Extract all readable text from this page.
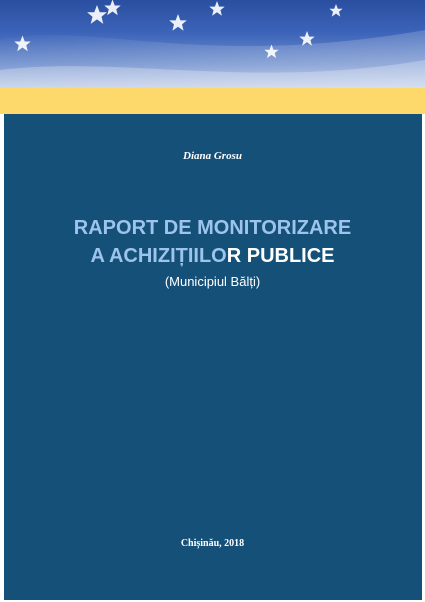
Diana Grosu
RAPORT DE MONITORIZARE
A ACHIZIȚIILOR PUBLICE
(Municipiul Bălți)
Chișinău, 2018
